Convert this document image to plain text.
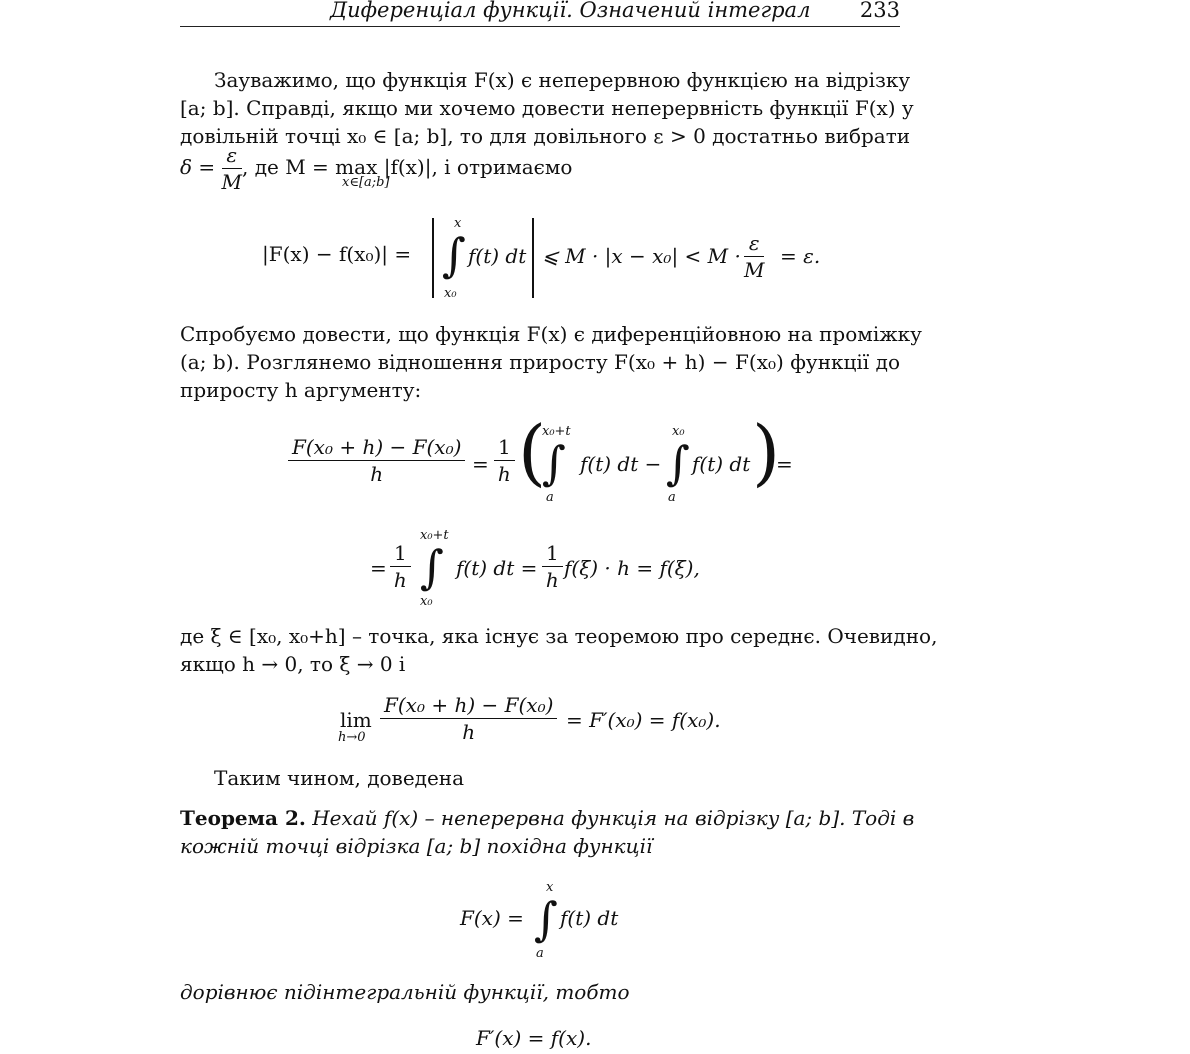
Диференціал функції. Означений інтеграл 233
Зауважимо, що функція F(x) є неперервною функцією на відрізку
[a; b]. Справді, якщо ми хочемо довести неперервність функції F(x) у
довільній точці x₀ ∈ [a; b], то для довільного ε > 0 достатньо вибрати
$\delta = \frac{\varepsilon}{M}$ , де M = max |f(x)|, і отримаємо
x∈[a;b]
|F(x) − f(x₀)| =
x
∫
x₀
f(t) dt ⩽ $M \cdot |x - x_0| < M \cdot \frac{\varepsilon}{M} = \varepsilon$.
Спробуємо довести, що функція F(x) є диференційовною на проміжку
(a; b). Розглянемо відношення приросту F(x₀ + h) − F(x₀) функції до
приросту h аргументу:
$\frac{\text{F(x₀ + h) − F(x₀)}}{h} = \frac{1}{h}$ (
x₀+t
∫
a
f(t) dt −
x₀
∫
a
f(t) dt )
=
= $\frac{1}{h}$
x₀+t
∫
x₀
f(t) dt = $\frac{1}{h} f(\xi) \cdot h = f(\xi)$,
де ξ ∈ [x₀, x₀+h] – точка, яка існує за теоремою про середнє. Очевидно,
якщо h → 0, то ξ → 0 і
lim
$h\to 0 \frac{\text{F(x₀ + h) − F(x₀)}}{h} = F'(x_0) = f(x_0)$.
Таким чином, доведена
Теорема 2. Нехай f(x) – неперервна функція на відрізку [a; b]. Тоді в
кожній точці відрізка [a; b] похідна функції
F(x) =
x
∫
a
f(t) dt
дорівнює підінтегральній функції, тобто
F′(x) = f(x).
